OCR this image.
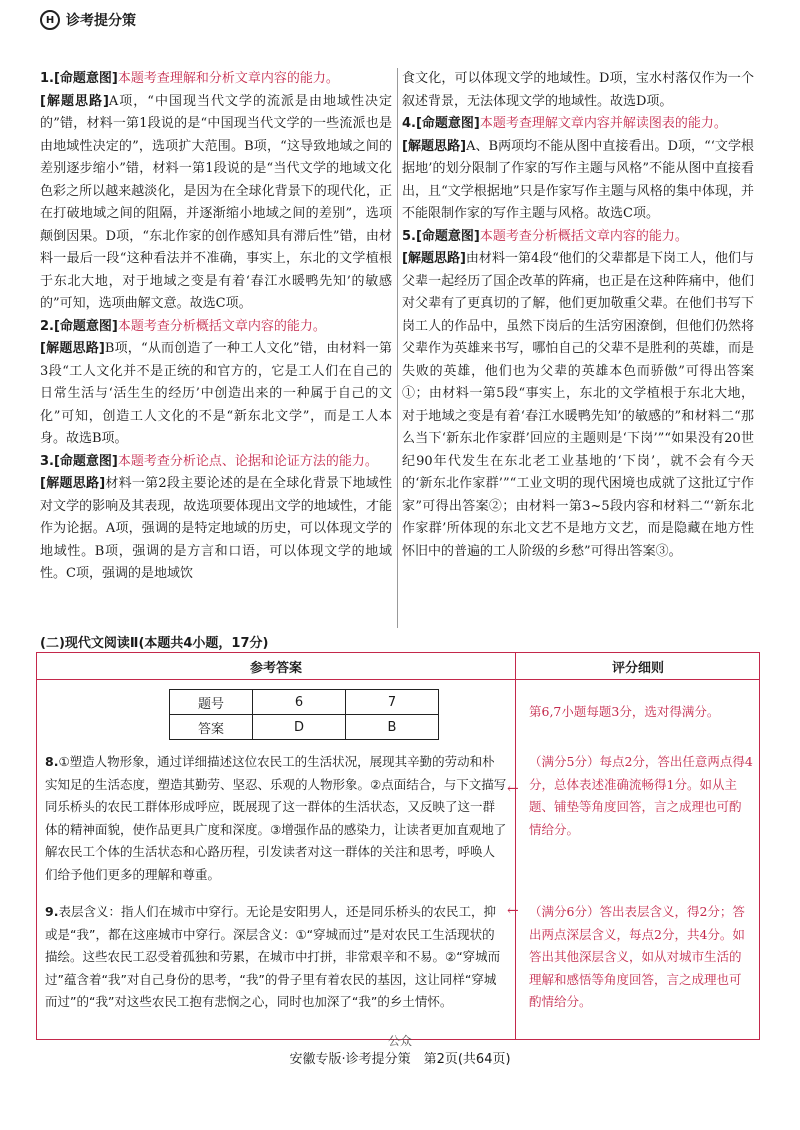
H 诊考提分策

1.[命题意图]本题考查理解和分析文章内容的能力。
[解题思路]A项，“中国现当代文学的流派是由地域性决定的”错，材料一第1段说的是“中国现当代文学的一些流派也是由地域性决定的”，选项扩大范围。B项，“这导致地域之间的差别逐步缩小”错，材料一第1段说的是“当代文学的地域文化色彩之所以越来越淡化，是因为在全球化背景下的现代化，正在打破地域之间的阻隔，并逐渐缩小地域之间的差别”，选项颠倒因果。D项，“东北作家的创作感知具有滞后性”错，由材料一最后一段“这种看法并不准确，事实上，东北的文学植根于东北大地，对于地域之变是有着‘春江水暖鸭先知’的敏感的”可知，选项曲解文意。故选C项。

2.[命题意图]本题考查分析概括文章内容的能力。
[解题思路]B项，“从而创造了一种工人文化”错，由材料一第3段“工人文化并不是正统的和官方的，它是工人们在自己的日常生活与‘活生生的经历’中创造出来的一种属于自己的文化”可知，创造工人文化的不是“新东北文学”，而是工人本身。故选B项。

3.[命题意图]本题考查分析论点、论据和论证方法的能力。
[解题思路]材料一第2段主要论述的是在全球化背景下地域性对文学的影响及其表现，故选项要体现出文学的地域性，才能作为论据。A项，强调的是特定地域的历史，可以体现文学的地域性。B项，强调的是方言和口语，可以体现文学的地域性。C项，强调的是地域饮

食文化，可以体现文学的地域性。D项，宝水村落仅作为一个叙述背景，无法体现文学的地域性。故选D项。

4.[命题意图]本题考查理解文章内容并解读图表的能力。
[解题思路]A、B两项均不能从图中直接看出。D项，“‘文学根据地’的划分限制了作家的写作主题与风格”不能从图中直接看出，且“文学根据地”只是作家写作主题与风格的集中体现，并不能限制作家的写作主题与风格。故选C项。

5.[命题意图]本题考查分析概括文章内容的能力。
[解题思路]由材料一第4段“他们的父辈都是下岗工人，他们与父辈一起经历了国企改革的阵痛，也正是在这种阵痛中，他们对父辈有了更真切的了解，他们更加敬重父辈。在他们书写下岗工人的作品中，虽然下岗后的生活穷困潦倒，但他们仍然将父辈作为英雄来书写，哪怕自己的父辈不是胜利的英雄，而是失败的英雄，他们也为父辈的英雄本色而骄傲”可得出答案①；由材料一第5段“事实上，东北的文学植根于东北大地，对于地域之变是有着‘春江水暖鸭先知’的敏感的”和材料二“那么当下‘新东北作家群’回应的主题则是‘下岗’”“如果没有20世纪90年代发生在东北老工业基地的‘下岗’，就不会有今天的‘新东北作家群’”“工业文明的现代困境也成就了这批辽宁作家”可得出答案②；由材料一第3~5段内容和材料二“‘新东北作家群’所体现的东北文艺不是地方文艺，而是隐藏在地方性怀旧中的普遍的工人阶级的乡愁”可得出答案③。

(二)现代文阅读Ⅱ(本题共4小题，17分)
参考答案	评分细则
题号	6	7
答案	D	B
第6,7小题每题3分，选对得满分。
8.①塑造人物形象，通过详细描述这位农民工的生活状况，展现其辛勤的劳动和朴实知足的生活态度，塑造其勤劳、坚忍、乐观的人物形象。②点面结合，与下文描写同乐桥头的农民工群体形成呼应，既展现了这一群体的生活状态，又反映了这一群体的精神面貌，使作品更具广度和深度。③增强作品的感染力，让读者更加直观地了解农民工个体的生活状态和心路历程，引发读者对这一群体的关注和思考，呼唤人们给予他们更多的理解和尊重。
←
（满分5分）每点2分，答出任意两点得4分，总体表述准确流畅得1分。如从主题、铺垫等角度回答，言之成理也可酌情给分。
9.表层含义：指人们在城市中穿行。无论是安阳男人，还是同乐桥头的农民工，抑或是“我”，都在这座城市中穿行。深层含义：①“穿城而过”是对农民工生活现状的描绘。这些农民工忍受着孤独和劳累，在城市中打拼，非常艰辛和不易。②“穿城而过”蕴含着“我”对自己身份的思考，“我”的骨子里有着农民的基因，这让同样“穿城而过”的“我”对这些农民工抱有悲悯之心，同时也加深了“我”的乡土情怀。
← （满分6分）答出表层含义，得2分；答出两点深层含义，每点2分，共4分。如答出其他深层含义，如从对城市生活的理解和感悟等角度回答，言之成理也可酌情给分。
公众
安徽专版·诊考提分策　第2页(共64页)
